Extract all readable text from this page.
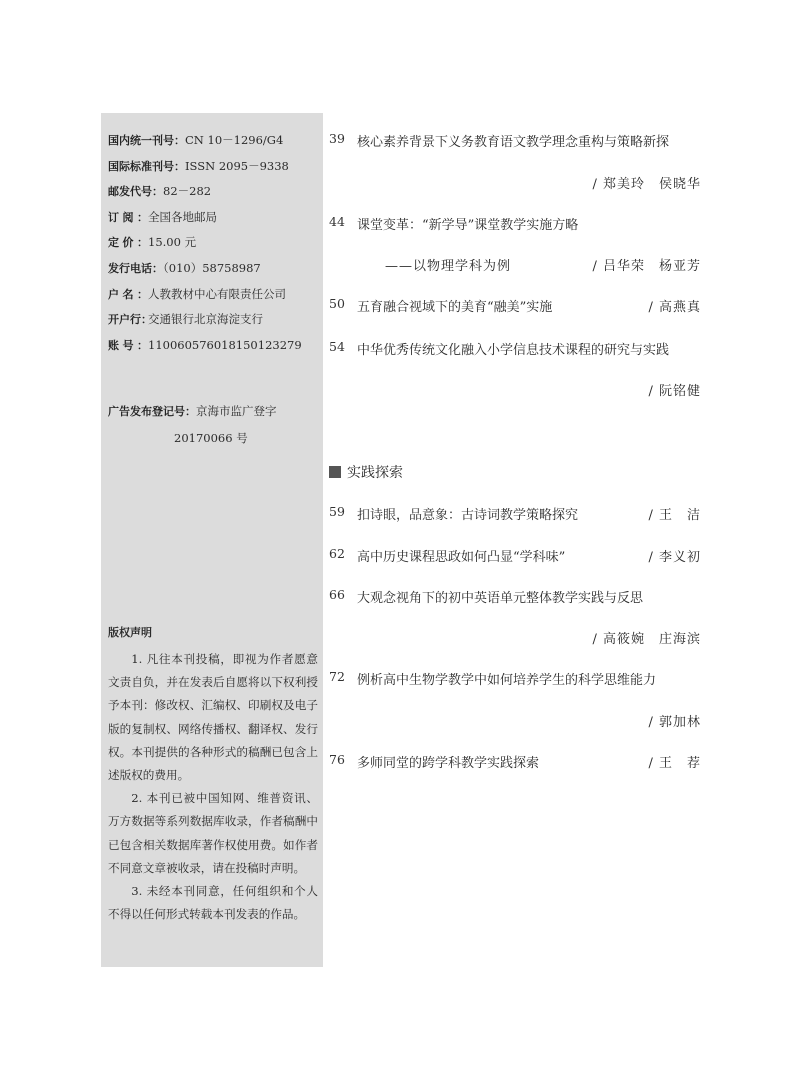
国内统一刊号：CN 10－1296/G4
国际标准刊号：ISSN 2095－9338
邮发代号：82－282
订阅：全国各地邮局
定价：15.00 元
发行电话：（010）58758987
户名：人教教材中心有限责任公司
开户行：交通银行北京海淀支行
账号：110060576018150123279
广告发布登记号：京海市监广登字
20170066 号
版权声明

1. 凡往本刊投稿，即视为作者愿意文责自负，并在发表后自愿将以下权利授予本刊：修改权、汇编权、印刷权及电子版的复制权、网络传播权、翻译权、发行权。本刊提供的各种形式的稿酬已包含上述版权的费用。

2. 本刊已被中国知网、维普资讯、万方数据等系列数据库收录，作者稿酬中已包含相关数据库著作权使用费。如作者不同意文章被收录，请在投稿时声明。

3. 未经本刊同意，任何组织和个人不得以任何形式转载本刊发表的作品。

39 核心素养背景下义务教育语文教学理念重构与策略新探
/ 郑美玲　侯晓华
44 课堂变革：“新学导”课堂教学实施方略
——以物理学科为例	/ 吕华荣　杨亚芳
50 五育融合视域下的美育“融美”实施	/ 高燕真
54 中华优秀传统文化融入小学信息技术课程的研究与实践
/ 阮铭健
59 扣诗眼，品意象：古诗词教学策略探究	/ 王　洁
62 高中历史课程思政如何凸显“学科味”	/ 李义初
66 大观念视角下的初中英语单元整体教学实践与反思
/ 高筱婉　庄海滨
72 例析高中生物学教学中如何培养学生的科学思维能力
/ 郭加林
76 多师同堂的跨学科教学实践探索	/ 王　荐
实践探索
